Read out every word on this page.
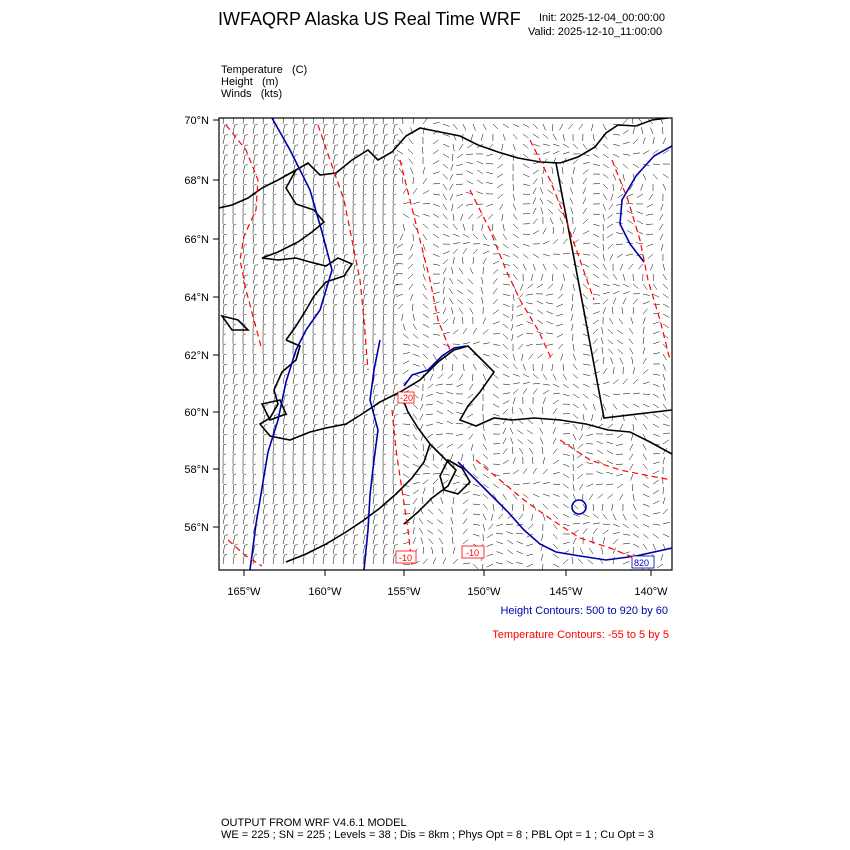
IWFAQRP Alaska US Real Time WRF Init: 2025-12-04_00:00:00
Valid: 2025-12-10_11:00:00
Temperature (C)
Height (m)
Winds (kts)
-20
-10
-10	820
70°N
68°N
66°N
64°N
62°N
60°N
58°N
56°N
165°W	160°W	155°W	150°W	145°W	140°W
Height Contours: 500 to 920 by 60
Temperature Contours: -55 to 5 by 5
OUTPUT FROM WRF V4.6.1 MODEL
WE = 225 ; SN = 225 ; Levels = 38 ; Dis = 8km ; Phys Opt = 8 ; PBL Opt = 1 ; Cu Opt = 3
